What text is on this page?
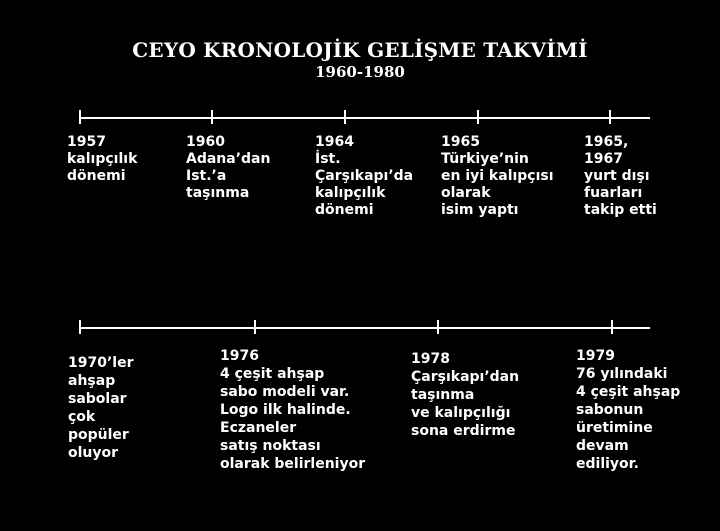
CEYO KRONOLOJİK GELİŞME TAKVİMİ
1960-1980
1957
kalıpçılık
dönemi
1960
Adana’dan
Ist.’a
taşınma
1964
İst.
Çarşıkapı’da
kalıpçılık
dönemi
1965
Türkiye’nin
en iyi kalıpçısı
olarak
isim yaptı
1965,
1967
yurt dışı
fuarları
takip etti
1970’ler
ahşap
sabolar
çok
popüler
oluyor
1976
4 çeşit ahşap
sabo modeli var.
Logo ilk halinde.
Eczaneler
satış noktası
olarak belirleniyor
1978
Çarşıkapı’dan
taşınma
ve kalıpçılığı
sona erdirme
1979
76 yılındaki
4 çeşit ahşap
sabonun
üretimine
devam
ediliyor.
